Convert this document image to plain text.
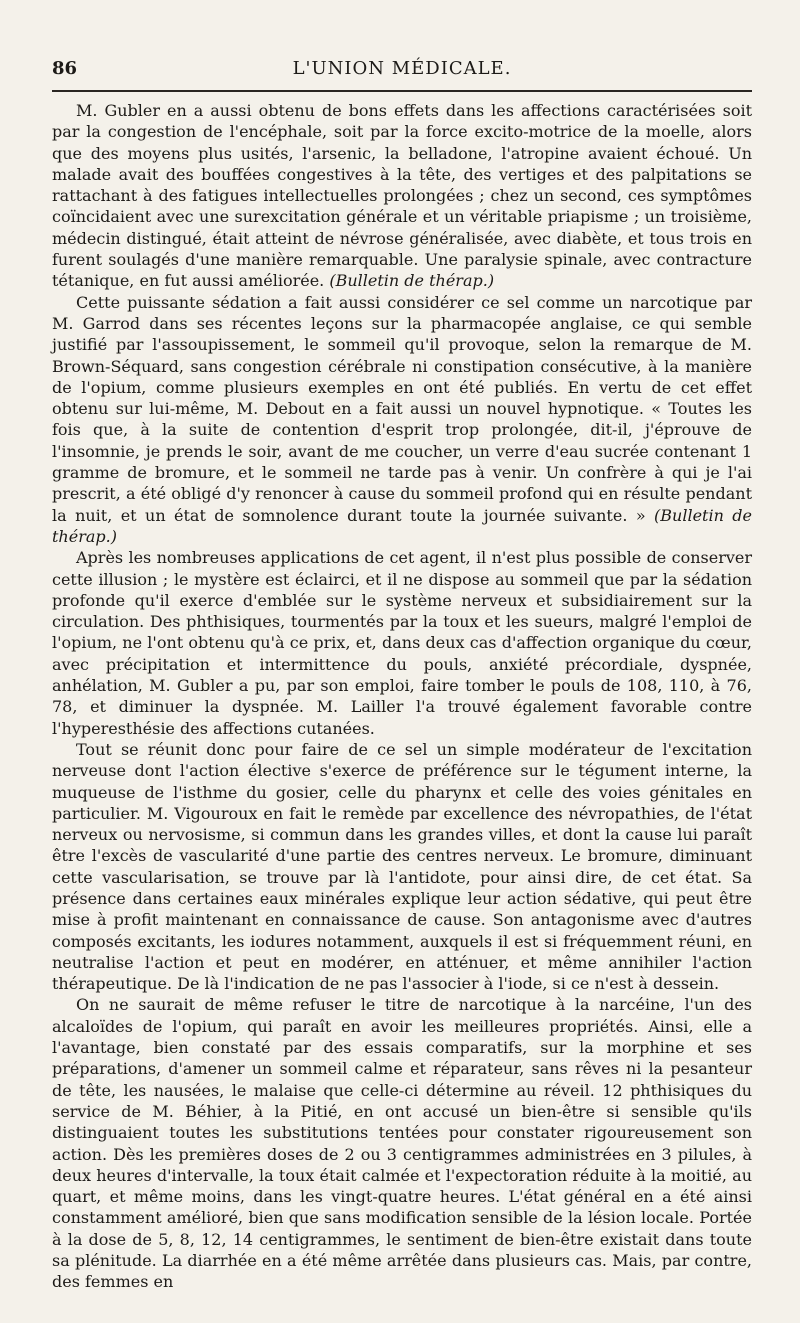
86	L'UNION MÉDICALE.

M. Gubler en a aussi obtenu de bons effets dans les affections caractérisées soit par la congestion de l'encéphale, soit par la force excito-motrice de la moelle, alors que des moyens plus usités, l'arsenic, la belladone, l'atropine avaient échoué. Un malade avait des bouffées congestives à la tête, des vertiges et des palpitations se rattachant à des fatigues intellectuelles prolongées ; chez un second, ces symptômes coïncidaient avec une surexcitation générale et un véritable priapisme ; un troisième, médecin distingué, était atteint de névrose généralisée, avec diabète, et tous trois en furent soulagés d'une manière remarquable. Une paralysie spinale, avec contracture tétanique, en fut aussi améliorée. (Bulletin de thérap.)

Cette puissante sédation a fait aussi considérer ce sel comme un narcotique par M. Garrod dans ses récentes leçons sur la pharmacopée anglaise, ce qui semble justifié par l'assoupissement, le sommeil qu'il provoque, selon la remarque de M. Brown-Séquard, sans congestion cérébrale ni constipation consécutive, à la manière de l'opium, comme plusieurs exemples en ont été publiés. En vertu de cet effet obtenu sur lui-même, M. Debout en a fait aussi un nouvel hypnotique. « Toutes les fois que, à la suite de contention d'esprit trop prolongée, dit-il, j'éprouve de l'insomnie, je prends le soir, avant de me coucher, un verre d'eau sucrée contenant 1 gramme de bromure, et le sommeil ne tarde pas à venir. Un confrère à qui je l'ai prescrit, a été obligé d'y renoncer à cause du sommeil profond qui en résulte pendant la nuit, et un état de somnolence durant toute la journée suivante. » (Bulletin de thérap.)

Après les nombreuses applications de cet agent, il n'est plus possible de conserver cette illusion ; le mystère est éclairci, et il ne dispose au sommeil que par la sédation profonde qu'il exerce d'emblée sur le système nerveux et subsidiairement sur la circulation. Des phthisiques, tourmentés par la toux et les sueurs, malgré l'emploi de l'opium, ne l'ont obtenu qu'à ce prix, et, dans deux cas d'affection organique du cœur, avec précipitation et intermittence du pouls, anxiété précordiale, dyspnée, anhélation, M. Gubler a pu, par son emploi, faire tomber le pouls de 108, 110, à 76, 78, et diminuer la dyspnée. M. Lailler l'a trouvé également favorable contre l'hyperesthésie des affections cutanées.

Tout se réunit donc pour faire de ce sel un simple modérateur de l'excitation nerveuse dont l'action élective s'exerce de préférence sur le tégument interne, la muqueuse de l'isthme du gosier, celle du pharynx et celle des voies génitales en particulier. M. Vigouroux en fait le remède par excellence des névropathies, de l'état nerveux ou nervosisme, si commun dans les grandes villes, et dont la cause lui paraît être l'excès de vascularité d'une partie des centres nerveux. Le bromure, diminuant cette vascularisation, se trouve par là l'antidote, pour ainsi dire, de cet état. Sa présence dans certaines eaux minérales explique leur action sédative, qui peut être mise à profit maintenant en connaissance de cause. Son antagonisme avec d'autres composés excitants, les iodures notamment, auxquels il est si fréquemment réuni, en neutralise l'action et peut en modérer, en atténuer, et même annihiler l'action thérapeutique. De là l'indication de ne pas l'associer à l'iode, si ce n'est à dessein.

On ne saurait de même refuser le titre de narcotique à la narcéine, l'un des alcaloïdes de l'opium, qui paraît en avoir les meilleures propriétés. Ainsi, elle a l'avantage, bien constaté par des essais comparatifs, sur la morphine et ses préparations, d'amener un sommeil calme et réparateur, sans rêves ni la pesanteur de tête, les nausées, le malaise que celle-ci détermine au réveil. 12 phthisiques du service de M. Béhier, à la Pitié, en ont accusé un bien-être si sensible qu'ils distinguaient toutes les substitutions tentées pour constater rigoureusement son action. Dès les premières doses de 2 ou 3 centigrammes administrées en 3 pilules, à deux heures d'intervalle, la toux était calmée et l'expectoration réduite à la moitié, au quart, et même moins, dans les vingt-quatre heures. L'état général en a été ainsi constamment amélioré, bien que sans modification sensible de la lésion locale. Portée à la dose de 5, 8, 12, 14 centigrammes, le sentiment de bien-être existait dans toute sa plénitude. La diarrhée en a été même arrêtée dans plusieurs cas. Mais, par contre, des femmes en
